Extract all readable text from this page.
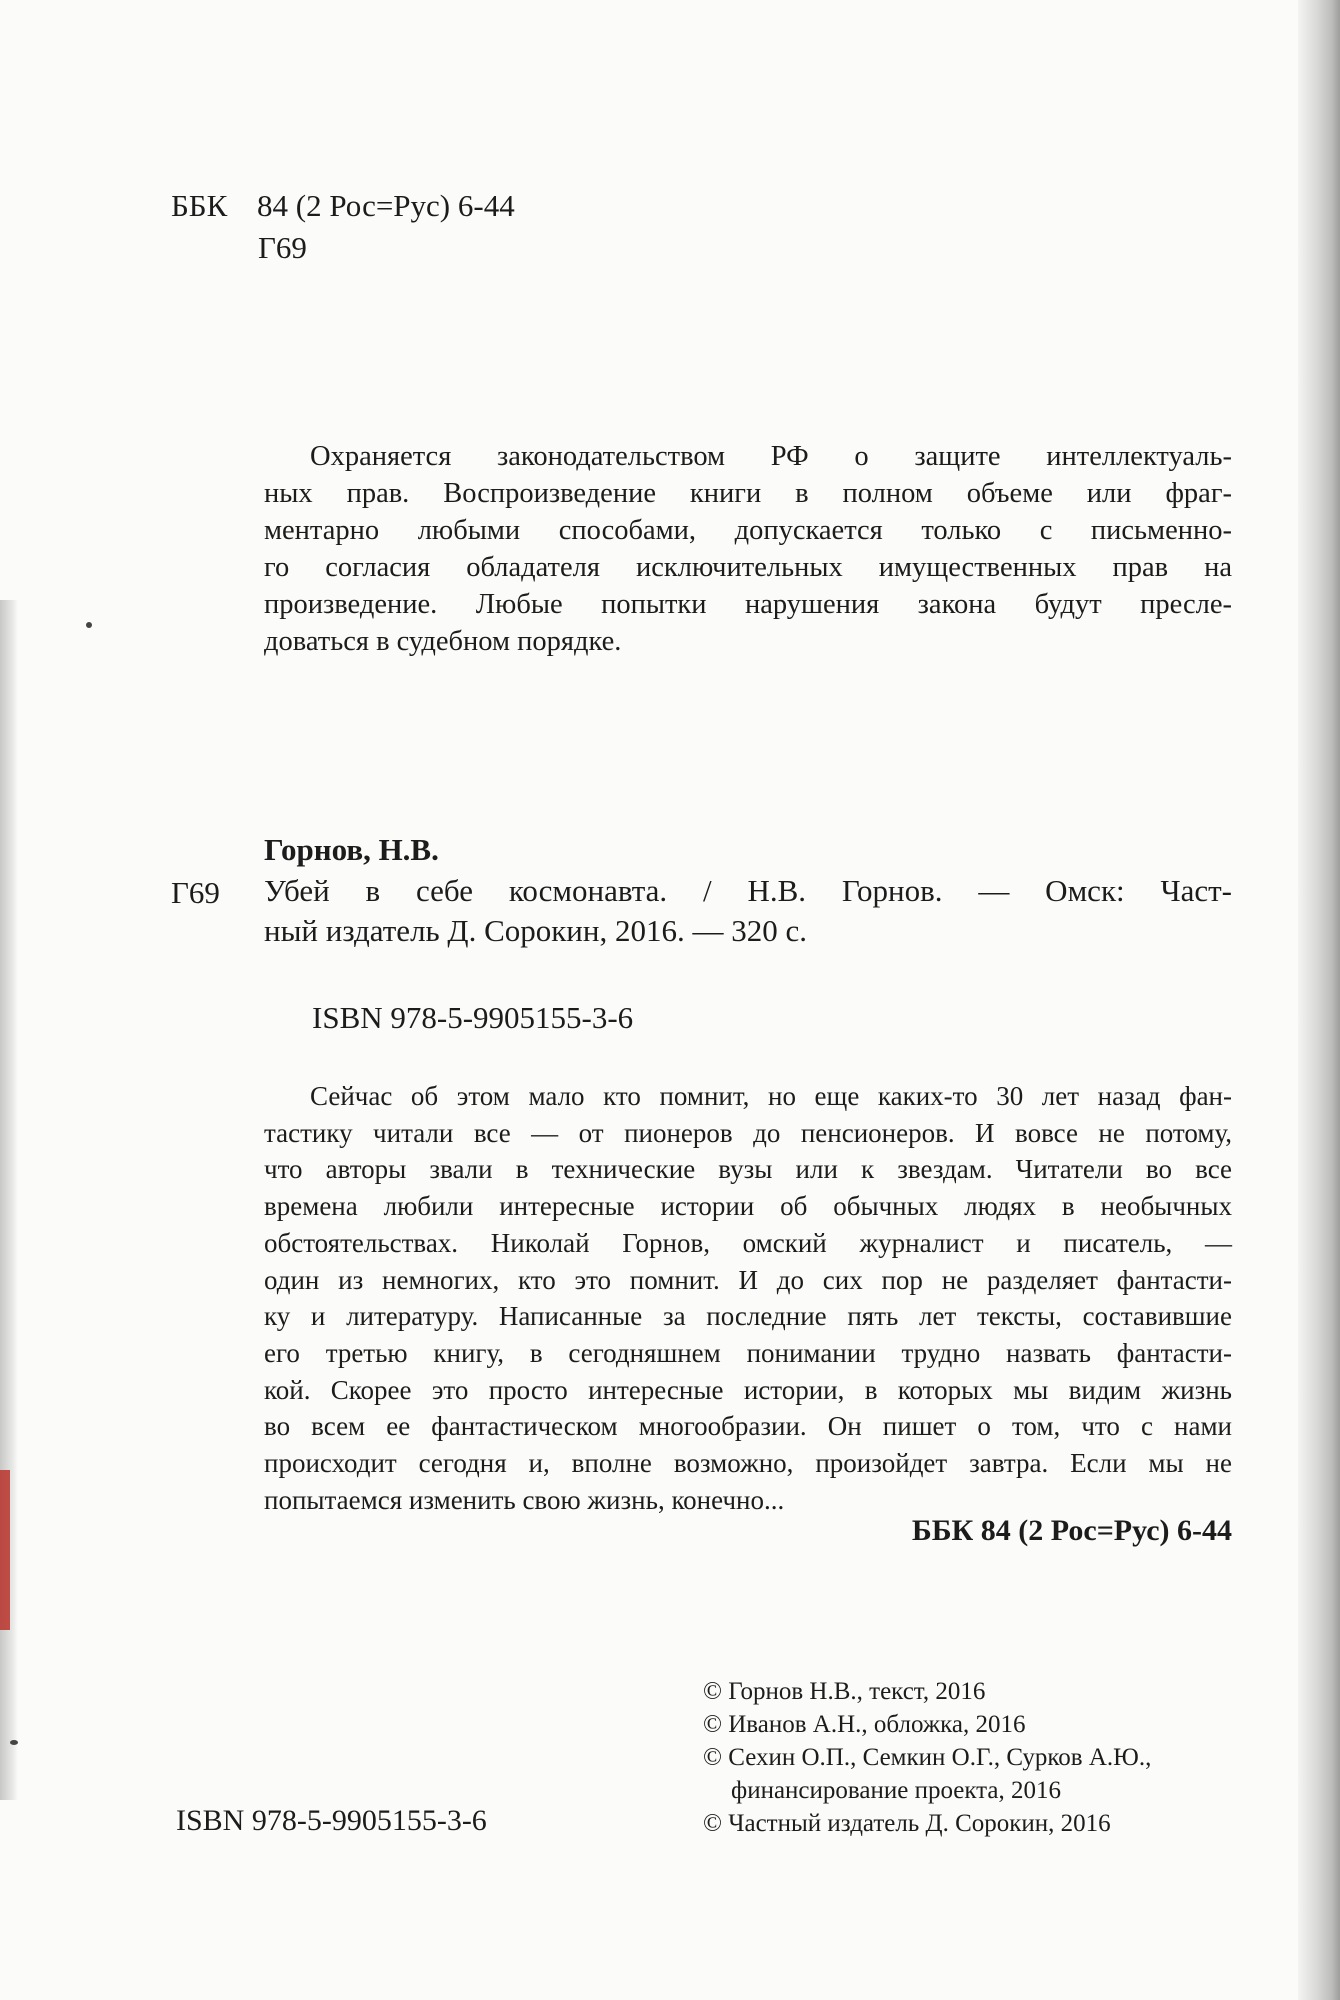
ББК 84 (2 Рос=Рус) 6-44
Г69
Охраняется законодательством РФ о защите интеллектуаль-
ных прав. Воспроизведение книги в полном объеме или фраг-
ментарно любыми способами, допускается только с письменно-
го согласия обладателя исключительных имущественных прав на
произведение. Любые попытки нарушения закона будут пресле-
доваться в судебном порядке.
Горнов, Н.В.
Г69 Убей в себе космонавта. / Н.В. Горнов. — Омск: Част-
ный издатель Д. Сорокин, 2016. — 320 с.
ISBN 978-5-9905155-3-6
Сейчас об этом мало кто помнит, но еще каких-то 30 лет назад фан-
тастику читали все — от пионеров до пенсионеров. И вовсе не потому,
что авторы звали в технические вузы или к звездам. Читатели во все
времена любили интересные истории об обычных людях в необычных
обстоятельствах. Николай Горнов, омский журналист и писатель, —
один из немногих, кто это помнит. И до сих пор не разделяет фантасти-
ку и литературу. Написанные за последние пять лет тексты, составившие
его третью книгу, в сегодняшнем понимании трудно назвать фантасти-
кой. Скорее это просто интересные истории, в которых мы видим жизнь
во всем ее фантастическом многообразии. Он пишет о том, что с нами
происходит сегодня и, вполне возможно, произойдет завтра. Если мы не
попытаемся изменить свою жизнь, конечно...
ББК 84 (2 Рос=Рус) 6-44
ISBN 978-5-9905155-3-6
© Горнов Н.В., текст, 2016
© Иванов А.Н., обложка, 2016
© Сехин О.П., Семкин О.Г., Сурков А.Ю.,
финансирование проекта, 2016
© Частный издатель Д. Сорокин, 2016
